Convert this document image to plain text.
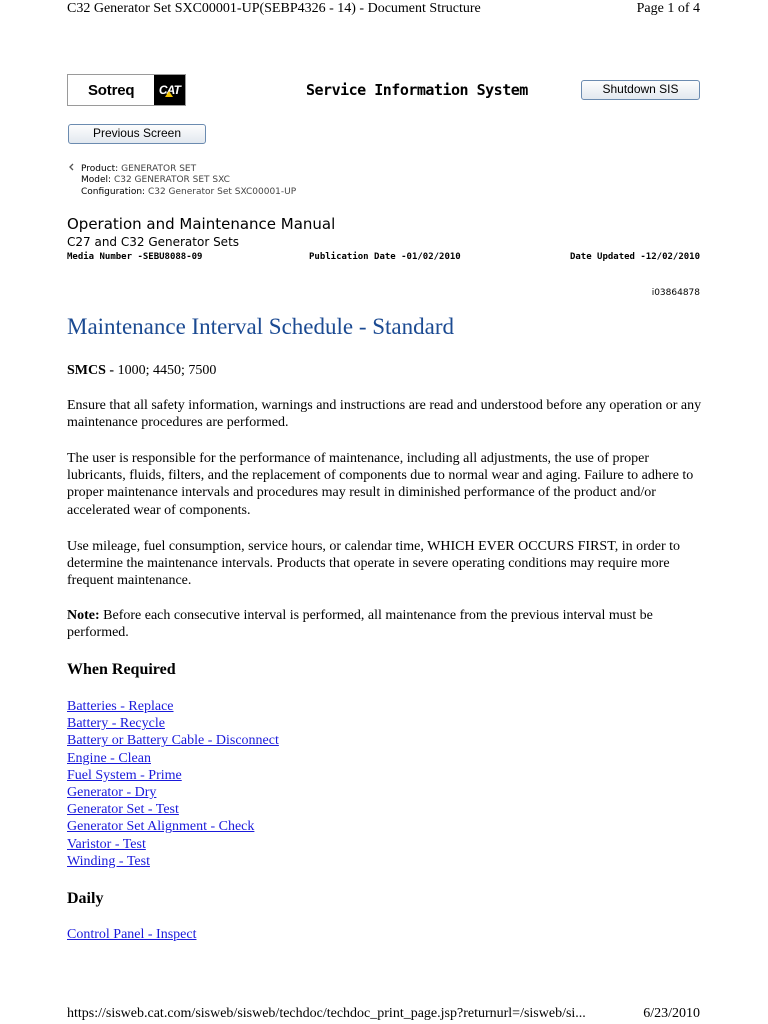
C32 Generator Set SXC00001-UP(SEBP4326 - 14) - Document Structure	Page 1 of 4
Sotreq	CAT	Service Information System	Shutdown SIS
Previous Screen
Product: GENERATOR SET
Model: C32 GENERATOR SET SXC
Configuration: C32 Generator Set SXC00001-UP
Operation and Maintenance Manual
C27 and C32 Generator Sets
Media Number -SEBU8088-09	Publication Date -01/02/2010	Date Updated -12/02/2010
i03864878
Maintenance Interval Schedule - Standard

SMCS - 1000; 4450; 7500

Ensure that all safety information, warnings and instructions are read and understood before any operation or any maintenance procedures are performed.

The user is responsible for the performance of maintenance, including all adjustments, the use of proper lubricants, fluids, filters, and the replacement of components due to normal wear and aging. Failure to adhere to proper maintenance intervals and procedures may result in diminished performance of the product and/or accelerated wear of components.

Use mileage, fuel consumption, service hours, or calendar time, WHICH EVER OCCURS FIRST, in order to determine the maintenance intervals. Products that operate in severe operating conditions may require more frequent maintenance.

Note: Before each consecutive interval is performed, all maintenance from the previous interval must be performed.

When Required
Batteries - Replace
Battery - Recycle
Battery or Battery Cable - Disconnect
Engine - Clean
Fuel System - Prime
Generator - Dry
Generator Set - Test
Generator Set Alignment - Check
Varistor - Test
Winding - Test
Daily
Control Panel - Inspect
https://sisweb.cat.com/sisweb/sisweb/techdoc/techdoc_print_page.jsp?returnurl=/sisweb/si...	6/23/2010
